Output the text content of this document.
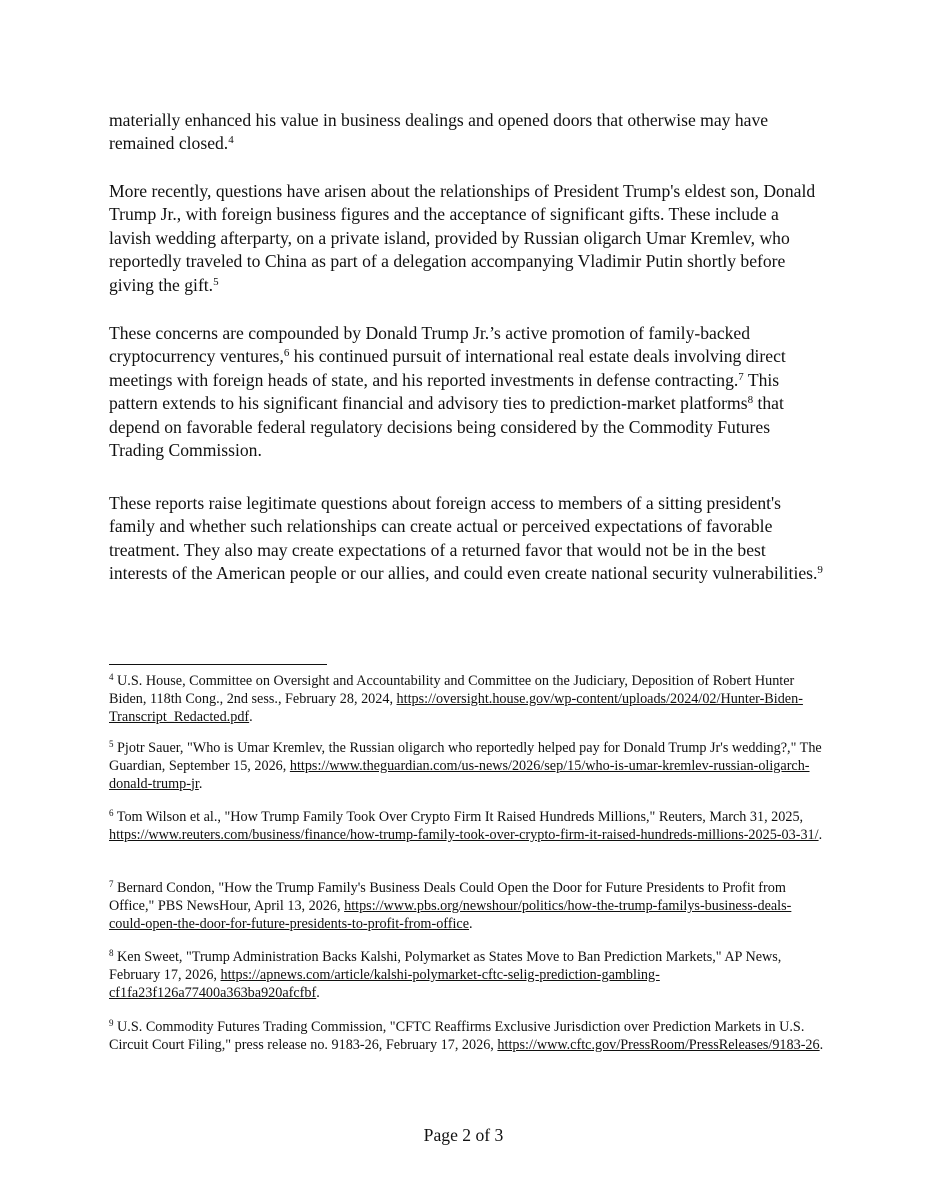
materially enhanced his value in business dealings and opened doors that otherwise may have remained closed.$^4$

More recently, questions have arisen about the relationships of President Trump's eldest son, Donald Trump Jr., with foreign business figures and the acceptance of significant gifts. These include a lavish wedding afterparty, on a private island, provided by Russian oligarch Umar Kremlev, who reportedly traveled to China as part of a delegation accompanying Vladimir Putin shortly before giving the gift.$^5$

These concerns are compounded by Donald Trump Jr.’s active promotion of family-backed cryptocurrency ventures,$^6$ his continued pursuit of international real estate deals involving direct meetings with foreign heads of state, and his reported investments in defense contracting.$^7$ This pattern extends to his significant financial and advisory ties to prediction-market platforms$^8$ that depend on favorable federal regulatory decisions being considered by the Commodity Futures Trading Commission.

These reports raise legitimate questions about foreign access to members of a sitting president's family and whether such relationships can create actual or perceived expectations of favorable treatment. They also may create expectations of a returned favor that would not be in the best interests of the American people or our allies, and could even create national security vulnerabilities.$^9$

$^4$ U.S. House, Committee on Oversight and Accountability and Committee on the Judiciary, Deposition of Robert Hunter Biden, 118th Cong., 2nd sess., February 28, 2024, https://oversight.house.gov/wp-content/uploads/2024/02/Hunter-Biden-Transcript_Redacted.pdf.

$^5$ Pjotr Sauer, "Who is Umar Kremlev, the Russian oligarch who reportedly helped pay for Donald Trump Jr's wedding?," The Guardian, September 15, 2026, https://www.theguardian.com/us-news/2026/sep/15/who-is-umar-kremlev-russian-oligarch-donald-trump-jr.

$^6$ Tom Wilson et al., "How Trump Family Took Over Crypto Firm It Raised Hundreds Millions," Reuters, March 31, 2025, https://www.reuters.com/business/finance/how-trump-family-took-over-crypto-firm-it-raised-hundreds-millions-2025-03-31/.

$^7$ Bernard Condon, "How the Trump Family's Business Deals Could Open the Door for Future Presidents to Profit from Office," PBS NewsHour, April 13, 2026, https://www.pbs.org/newshour/politics/how-the-trump-familys-business-deals-could-open-the-door-for-future-presidents-to-profit-from-office.

$^8$ Ken Sweet, "Trump Administration Backs Kalshi, Polymarket as States Move to Ban Prediction Markets," AP News, February 17, 2026, https://apnews.com/article/kalshi-polymarket-cftc-selig-prediction-gambling-cf1fa23f126a77400a363ba920afcfbf.

$^9$ U.S. Commodity Futures Trading Commission, "CFTC Reaffirms Exclusive Jurisdiction over Prediction Markets in U.S. Circuit Court Filing," press release no. 9183-26, February 17, 2026, https://www.cftc.gov/PressRoom/PressReleases/9183-26.

Page 2 of 3
